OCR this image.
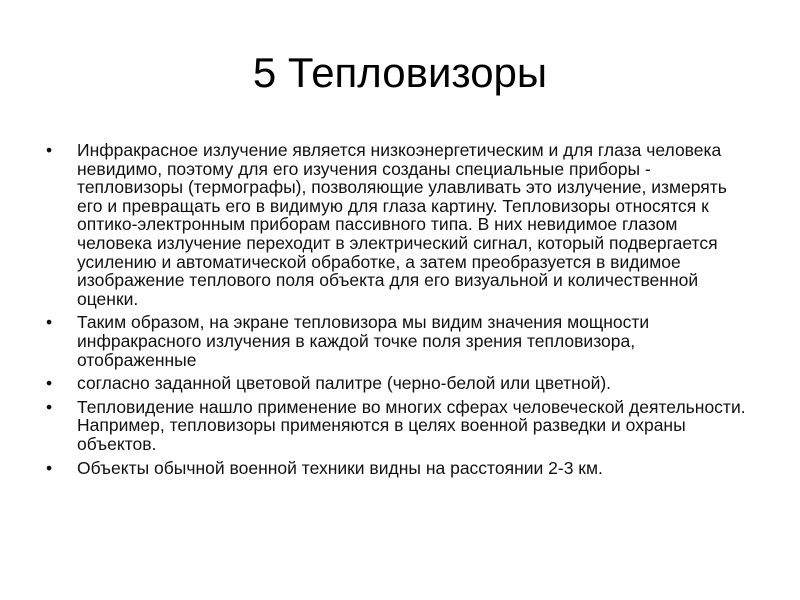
5 Тепловизоры
•	Инфракрасное излучение является низкоэнергетическим и для глаза человека невидимо, поэтому для его изучения созданы специальные приборы - тепловизоры (термографы), позволяющие улавливать это излучение, измерять его и превращать его в видимую для глаза картину. Тепловизоры относятся к оптико-электронным приборам пассивного типа. В них невидимое глазом человека излучение переходит в электрический сигнал, который подвергается усилению и автоматической обработке, а затем преобразуется в видимое изображение теплового поля объекта для его визуальной и количественной оценки.
•	Таким образом, на экране тепловизора мы видим значения мощности инфракрасного излучения в каждой точке поля зрения тепловизора, отображенные
•	согласно заданной цветовой палитре (черно-белой или цветной).
•	Тепловидение нашло применение во многих сферах человеческой деятельности. Например, тепловизоры применяются в целях военной разведки и охраны объектов.
•	Объекты обычной военной техники видны на расстоянии 2-3 км.
